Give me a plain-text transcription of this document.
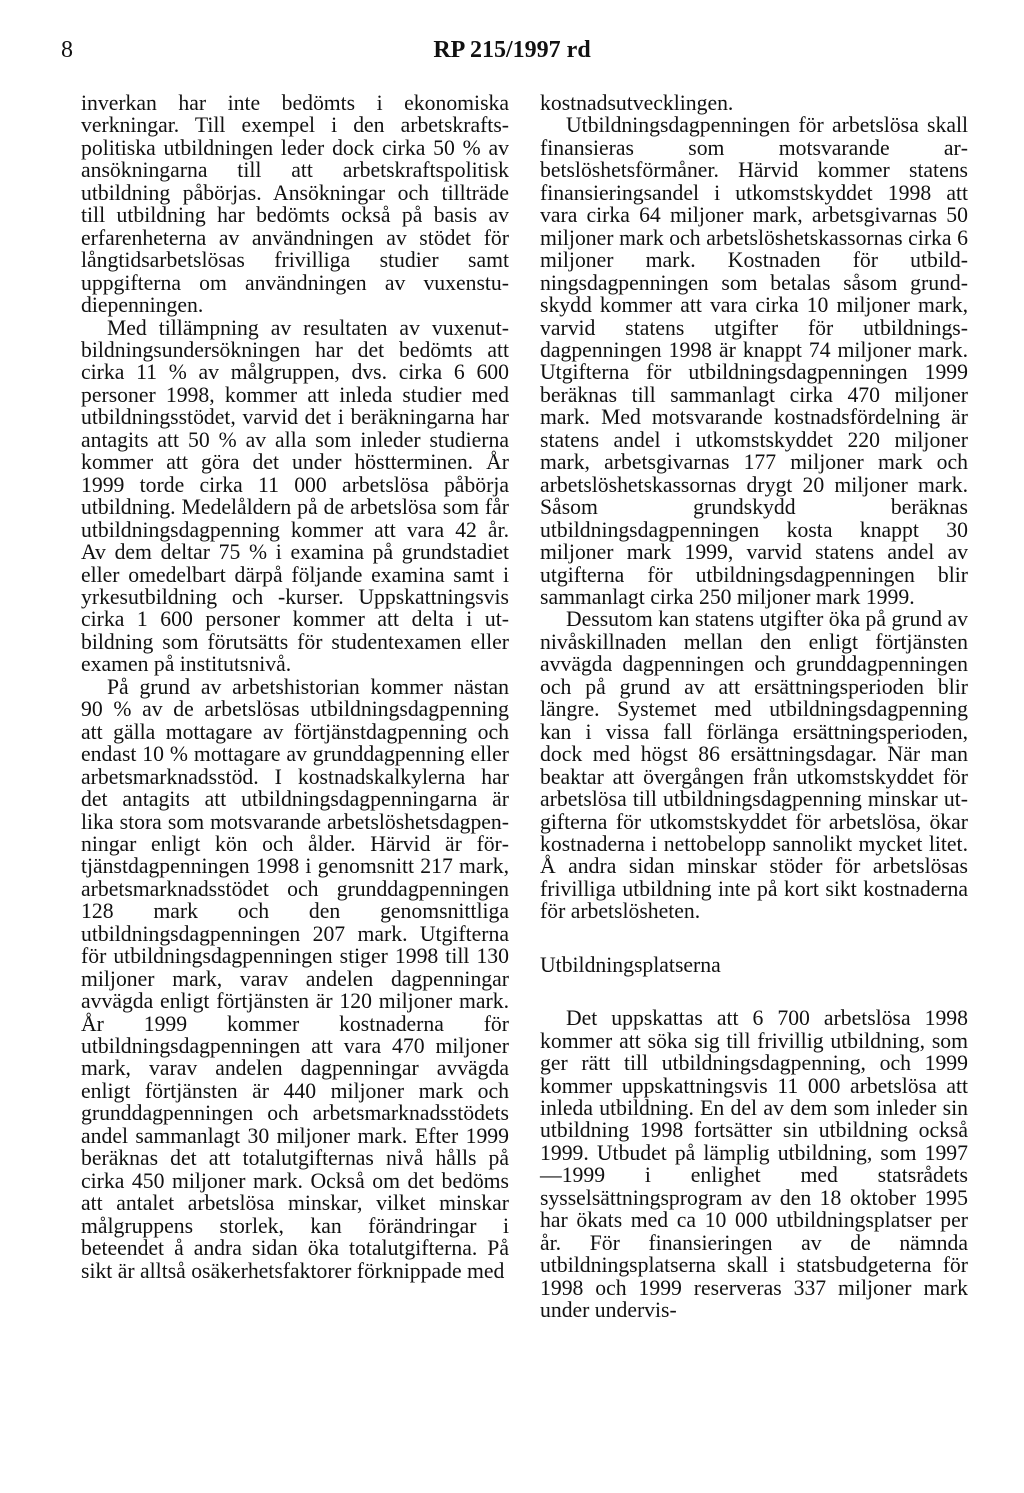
8	RP 215/1997 rd

inverkan har inte bedömts i ekonomiska verkningar. Till exempel i den arbetskraftspolitiska utbildningen leder dock cirka 50 % av ansökningarna till att arbetskraftspolitisk utbildning påbörjas. Ansökningar och tillträde till utbildning har bedömts också på basis av erfarenheterna av användningen av stödet för långtidsarbetslösas frivilliga studier samt uppgifterna om användningen av vuxenstudiepenningen.

Med tillämpning av resultaten av vuxenutbildningsundersökningen har det bedömts att cirka 11 % av målgruppen, dvs. cirka 6 600 personer 1998, kommer att inleda studier med utbildningsstödet, varvid det i beräkningarna har antagits att 50 % av alla som inleder studierna kommer att göra det under höstterminen. År 1999 torde cirka 11 000 arbetslösa påbörja utbildning. Medelåldern på de arbetslösa som får utbildningsdagpenning kommer att vara 42 år. Av dem deltar 75 % i examina på grundstadiet eller omedelbart därpå följande examina samt i yrkesutbildning och -kurser. Uppskattningsvis cirka 1 600 personer kommer att delta i utbildning som förutsätts för studentexamen eller examen på institutsnivå.

På grund av arbetshistorian kommer nästan 90 % av de arbetslösas utbildningsdagpenning att gälla mottagare av förtjänstdagpenning och endast 10 % mottagare av grunddagpenning eller arbetsmarknadsstöd. I kostnadskalkylerna har det antagits att utbildningsdagpenningarna är lika stora som motsvarande arbetslöshetsdagpenningar enligt kön och ålder. Härvid är förtjänstdagpenningen 1998 i genomsnitt 217 mark, arbetsmarknadsstödet och grunddagpenningen 128 mark och den genomsnittliga utbildningsdagpenningen 207 mark. Utgifterna för utbildningsdagpenningen stiger 1998 till 130 miljoner mark, varav andelen dagpenningar avvägda enligt förtjänsten är 120 miljoner mark. År 1999 kommer kostnaderna för utbildningsdagpenningen att vara 470 miljoner mark, varav andelen dagpenningar avvägda enligt förtjänsten är 440 miljoner mark och grunddagpenningen och arbetsmarknadsstödets andel sammanlagt 30 miljoner mark. Efter 1999 beräknas det att totalutgifternas nivå hålls på cirka 450 miljoner mark. Också om det bedöms att antalet arbetslösa minskar, vilket minskar målgruppens storlek, kan förändringar i beteendet å andra sidan öka totalutgifterna. På sikt är alltså osäkerhetsfaktorer förknippade med

kostnadsutvecklingen.

Utbildningsdagpenningen för arbetslösa skall finansieras som motsvarande arbetslöshetsförmåner. Härvid kommer statens finansieringsandel i utkomstskyddet 1998 att vara cirka 64 miljoner mark, arbetsgivarnas 50 miljoner mark och arbetslöshetskassornas cirka 6 miljoner mark. Kostnaden för utbildningsdagpenningen som betalas såsom grundskydd kommer att vara cirka 10 miljoner mark, varvid statens utgifter för utbildningsdagpenningen 1998 är knappt 74 miljoner mark. Utgifterna för utbildningsdagpenningen 1999 beräknas till sammanlagt cirka 470 miljoner mark. Med motsvarande kostnadsfördelning är statens andel i utkomstskyddet 220 miljoner mark, arbetsgivarnas 177 miljoner mark och arbetslöshetskassornas drygt 20 miljoner mark. Såsom grundskydd beräknas utbildningsdagpenningen kosta knappt 30 miljoner mark 1999, varvid statens andel av utgifterna för utbildningsdagpenningen blir sammanlagt cirka 250 miljoner mark 1999.

Dessutom kan statens utgifter öka på grund av nivåskillnaden mellan den enligt förtjänsten avvägda dagpenningen och grunddagpenningen och på grund av att ersättningsperioden blir längre. Systemet med utbildningsdagpenning kan i vissa fall förlänga ersättningsperioden, dock med högst 86 ersättningsdagar. När man beaktar att övergången från utkomstskyddet för arbetslösa till utbildningsdagpenning minskar utgifterna för utkomstskyddet för arbetslösa, ökar kostnaderna i nettobelopp sannolikt mycket litet. Å andra sidan minskar stöder för arbetslösas frivilliga utbildning inte på kort sikt kostnaderna för arbetslösheten.

Utbildningsplatserna

Det uppskattas att 6 700 arbetslösa 1998 kommer att söka sig till frivillig utbildning, som ger rätt till utbildningsdagpenning, och 1999 kommer uppskattningsvis 11 000 arbetslösa att inleda utbildning. En del av dem som inleder sin utbildning 1998 fortsätter sin utbildning också 1999. Utbudet på lämplig utbildning, som 1997—1999 i enlighet med statsrådets sysselsättningsprogram av den 18 oktober 1995 har ökats med ca 10 000 utbildningsplatser per år. För finansieringen av de nämnda utbildningsplatserna skall i statsbudgeterna för 1998 och 1999 reserveras 337 miljoner mark under undervis-
